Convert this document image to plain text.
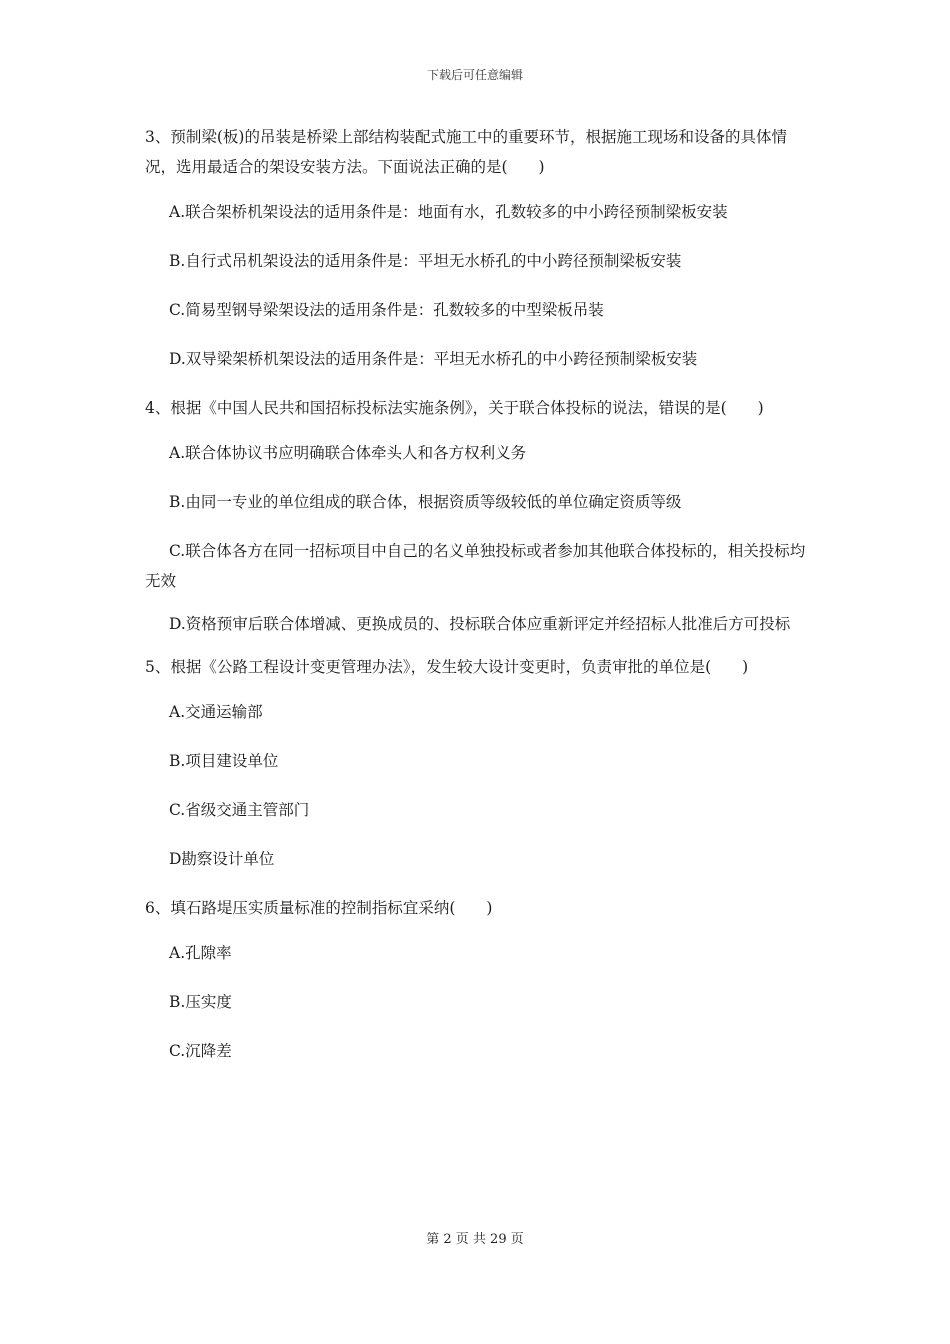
下载后可任意编辑

3、预制梁(板)的吊装是桥梁上部结构装配式施工中的重要环节，根据施工现场和设备的具体情况，选用最适合的架设安装方法。下面说法正确的是(　　)

A.联合架桥机架设法的适用条件是：地面有水，孔数较多的中小跨径预制梁板安装

B.自行式吊机架设法的适用条件是：平坦无水桥孔的中小跨径预制梁板安装

C.简易型钢导梁架设法的适用条件是：孔数较多的中型梁板吊装

D.双导梁架桥机架设法的适用条件是：平坦无水桥孔的中小跨径预制梁板安装

4、根据《中国人民共和国招标投标法实施条例》，关于联合体投标的说法，错误的是(　　)

A.联合体协议书应明确联合体牵头人和各方权利义务

B.由同一专业的单位组成的联合体，根据资质等级较低的单位确定资质等级

C.联合体各方在同一招标项目中自己的名义单独投标或者参加其他联合体投标的，相关投标均无效

D.资格预审后联合体增减、更换成员的、投标联合体应重新评定并经招标人批准后方可投标

5、根据《公路工程设计变更管理办法》，发生较大设计变更时，负责审批的单位是(　　)

A.交通运输部

B.项目建设单位

C.省级交通主管部门

D勘察设计单位

6、填石路堤压实质量标准的控制指标宜采纳(　　)

A.孔隙率

B.压实度

C.沉降差

第 2 页 共 29 页
